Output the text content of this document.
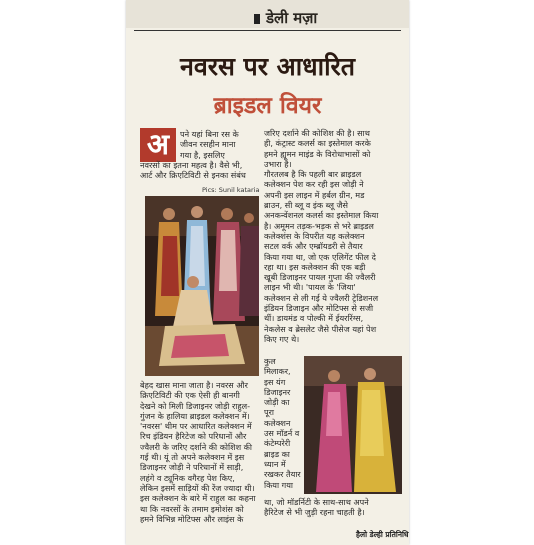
डेली मज़ा
नवरस पर आधारित
ब्राइडल वियर
अ	पने यहां बिना रस के
जीवन रसहीन माना
गया है, इसलिए
नवरसों का इतना महत्व है। वैसे भी,
आर्ट और क्रिएटिविटी से इनका संबंध
Pics: Sunil kataria
बेहद खास माना जाता है। नवरस और
क्रिएटिविटी की एक ऐसी ही बानगी
देखने को मिली डिजाइनर जोड़ी राहुल-
गुंजन के हालिया ब्राइडल कलेक्शन में।
'नवरस' थीम पर आधारित कलेक्शन में
रिच इंडियन हैरिटेज को परिधानों और
ज्वैलरी के जरिए दर्शाने की कोशिश की
गई थी। यूं तो अपने कलेक्शन में इस
डिजाइनर जोड़ी ने परिधानों में साड़ी,
लहंगे व ट्यूनिक वगैरह पेश किए,
लेकिन इसमें साड़ियों की रेंज ज्यादा थी।
इस कलेक्शन के बारे में राहुल का कहना
था कि नवरसों के तमाम इमोशंस को
हमने विभिन्न मोटिफ्स और लाइंस के
जरिए दर्शाने की कोशिश की है। साथ
ही, कंट्रास्ट कलर्स का इस्तेमाल करके
हमने ह्यूमन माइंड के विरोधाभासों को
उभारा है।
गौरतलब है कि पहली बार ब्राइडल
कलेक्शन पेश कर रही इस जोड़ी ने
अपनी इस लाइन में हर्बल ग्रीन, मड
ब्राउन, सी ब्लू व इंक ब्लू जैसे
अनकन्वेंशनल कलर्स का इस्तेमाल किया
है। अमूमन तड़क-भड़क से भरे ब्राइडल
कलेक्शंस के विपरीत यह कलेक्शन
सटल वर्क और एम्ब्रॉयडरी से तैयार
किया गया था, जो एक एलिगेंट फील दे
रहा था। इस कलेक्शन की एक बड़ी
खूबी डिजाइनर पायल गुप्ता की ज्वैलरी
लाइन भी थी। 'पायल के 'जिया'
कलेक्शन से ली गई ये ज्वैलरी ट्रेडिशनल
इंडियन डिजाइन और मोटिफ्स से सजी
थीं। डायमंड व पोल्की में ईयररिंग्स,
नेकलेस व ब्रेसलेट जैसे पीसेज यहां पेश
किए गए थे।
कुल
मिलाकर,
इस यंग
डिजाइनर
जोड़ी का
पूरा
कलेक्शन
उस मॉडर्न व
कंटेम्परेरी
ब्राइड का
ध्यान में
रखकर तैयार
किया गया
था, जो मॉडर्निटी के साथ-साथ अपने
हैरिटेज से भी जुड़ी रहना चाहती है।
हैलो डेल्ही प्रतिनिधि
